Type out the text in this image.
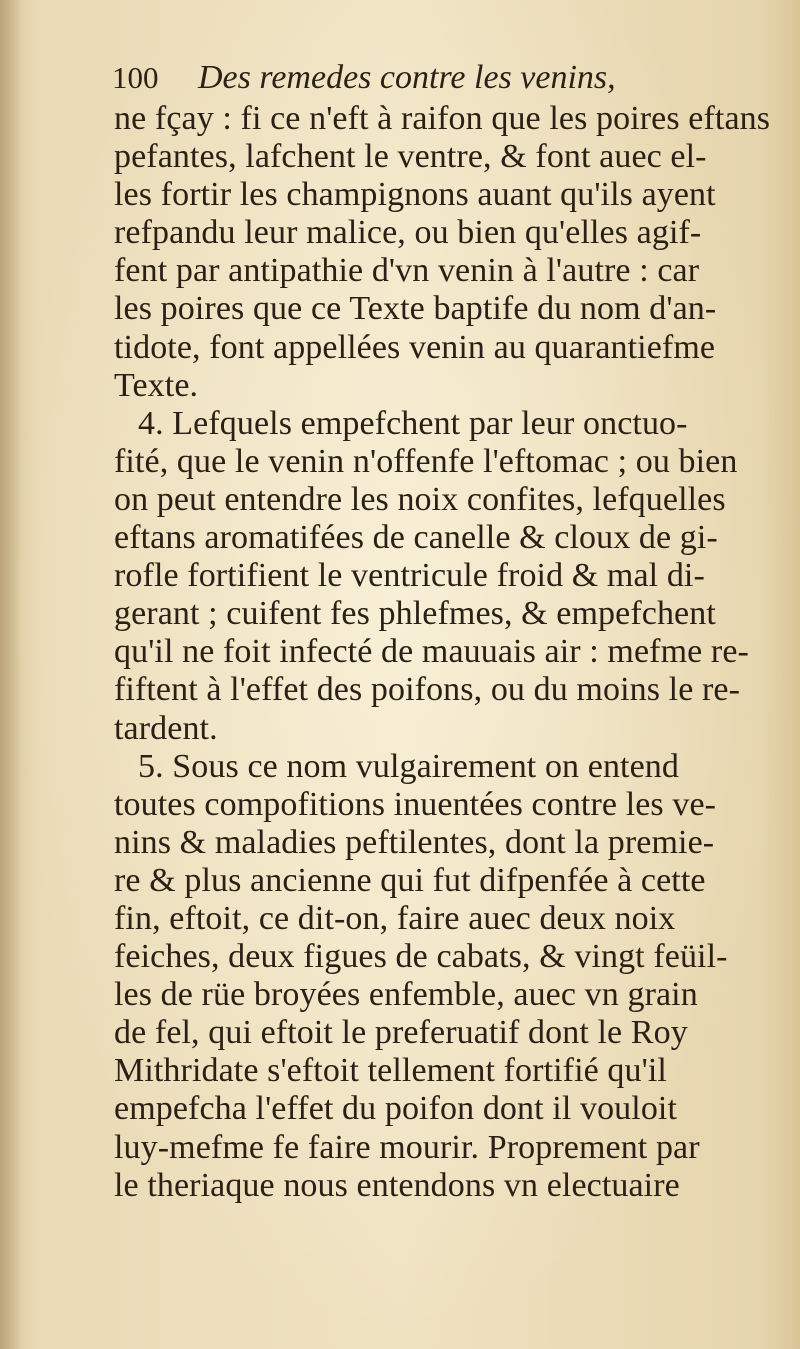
100 Des remedes contre les venins,
ne fçay : fi ce n'eft à raifon que les poires eftans
pefantes, lafchent le ventre, & font auec el-
les fortir les champignons auant qu'ils ayent
refpandu leur malice, ou bien qu'elles agif-
fent par antipathie d'vn venin à l'autre : car
les poires que ce Texte baptife du nom d'an-
tidote, font appellées venin au quarantiefme
Texte.
4. Lefquels empefchent par leur onctuo-
fité, que le venin n'offenfe l'eftomac ; ou bien
on peut entendre les noix confites, lefquelles
eftans aromatifées de canelle & cloux de gi-
rofle fortifient le ventricule froid & mal di-
gerant ; cuifent fes phlefmes, & empefchent
qu'il ne foit infecté de mauuais air : mefme re-
fiftent à l'effet des poifons, ou du moins le re-
tardent.
5. Sous ce nom vulgairement on entend
toutes compofitions inuentées contre les ve-
nins & maladies peftilentes, dont la premie-
re & plus ancienne qui fut difpenfée à cette
fin, eftoit, ce dit-on, faire auec deux noix
feiches, deux figues de cabats, & vingt feüil-
les de rüe broyées enfemble, auec vn grain
de fel, qui eftoit le preferuatif dont le Roy
Mithridate s'eftoit tellement fortifié qu'il
empefcha l'effet du poifon dont il vouloit
luy-mefme fe faire mourir. Proprement par
le theriaque nous entendons vn electuaire
